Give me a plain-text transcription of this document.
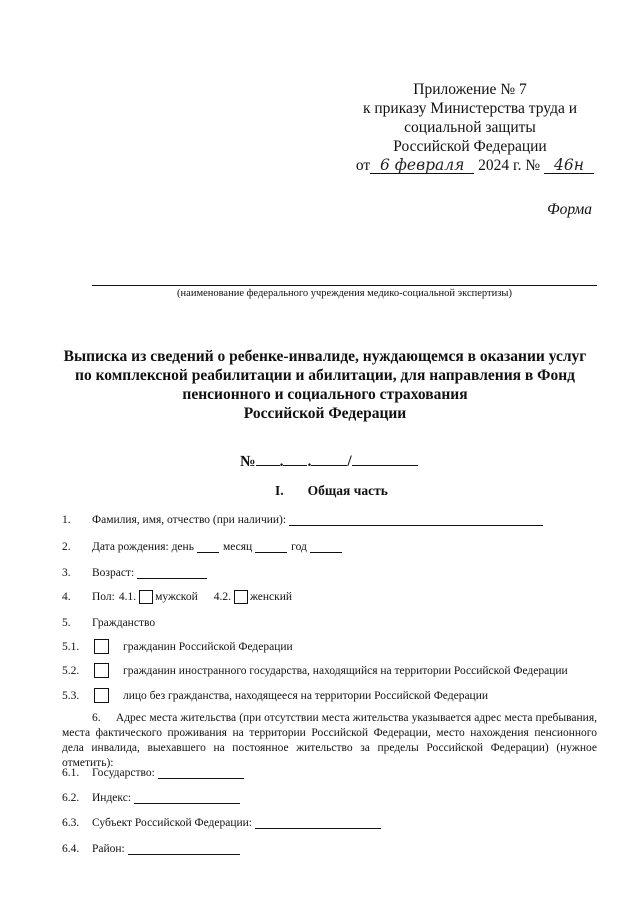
Приложение № 7
к приказу Министерства труда и
социальной защиты
Российской Федерации
от 6 февраля 2024 г. № 46н
Форма
(наименование федерального учреждения медико-социальной экспертизы)
Выписка из сведений о ребенке-инвалиде, нуждающемся в оказании услуг
по комплексной реабилитации и абилитации, для направления в Фонд
пенсионного и социального страхования
Российской Федерации
№ . . /
I. Общая часть
1.	Фамилия, имя, отчество (при наличии):
2.	Дата рождения: день	месяц	год
3.	Возраст:
4.	Пол: 4.1. мужской 4.2. женский
5.	Гражданство
5.1.	гражданин Российской Федерации
5.2.	гражданин иностранного государства, находящийся на территории Российской Федерации
5.3.	лицо без гражданства, находящееся на территории Российской Федерации
6. Адрес места жительства (при отсутствии места жительства указывается адрес места пребывания, места фактического проживания на территории Российской Федерации, место нахождения пенсионного дела инвалида, выехавшего на постоянное жительство за пределы Российской Федерации) (нужное отметить):
6.1.	Государство:
6.2.	Индекс:
6.3.	Субъект Российской Федерации:
6.4.	Район:
